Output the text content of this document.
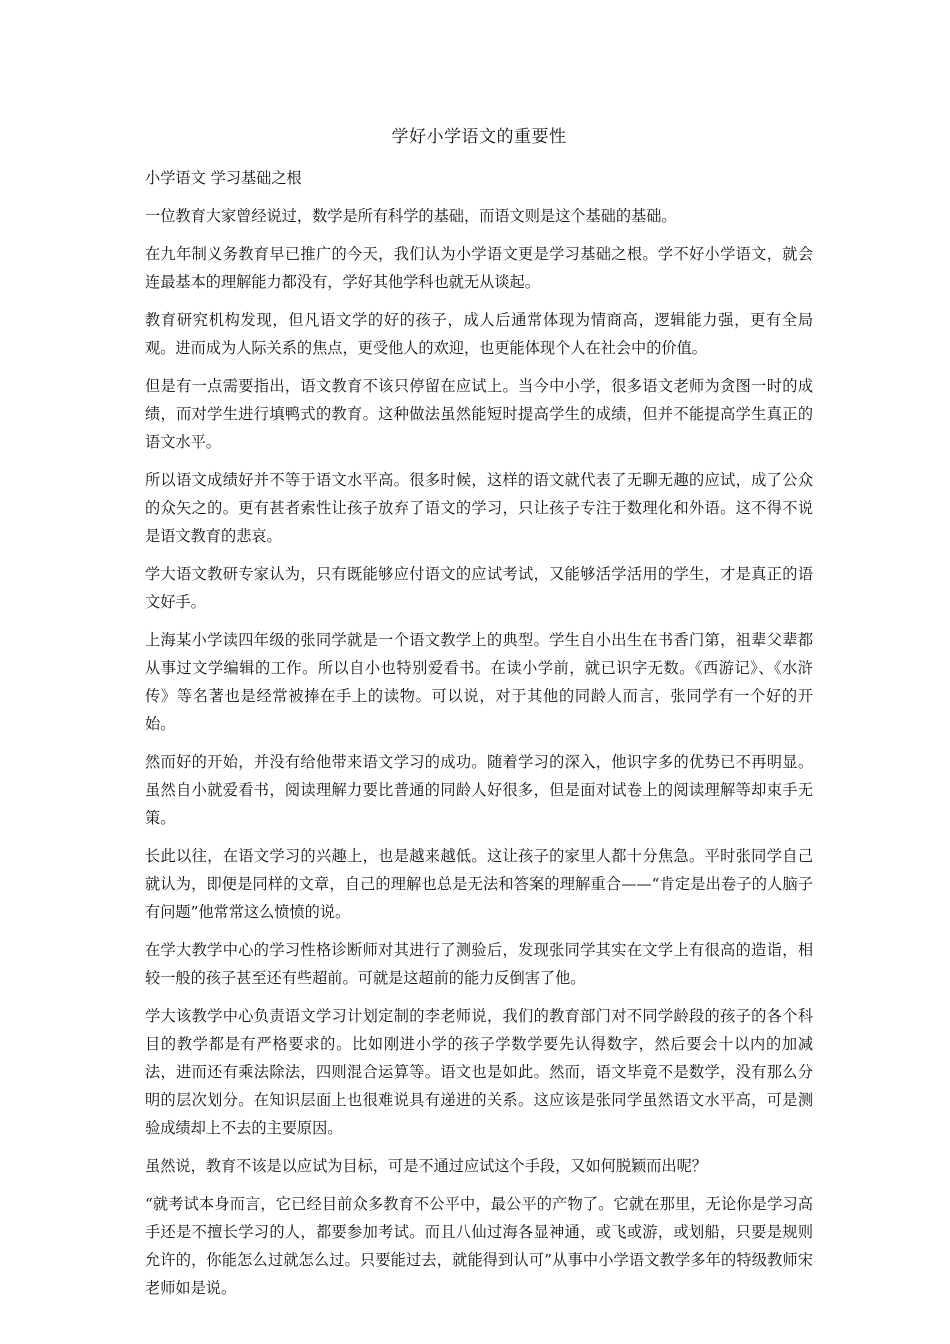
学好小学语文的重要性

小学语文 学习基础之根

一位教育大家曾经说过，数学是所有科学的基础，而语文则是这个基础的基础。

在九年制义务教育早已推广的今天，我们认为小学语文更是学习基础之根。学不好小学语文，就会连最基本的理解能力都没有，学好其他学科也就无从谈起。

教育研究机构发现，但凡语文学的好的孩子，成人后通常体现为情商高，逻辑能力强，更有全局观。进而成为人际关系的焦点，更受他人的欢迎，也更能体现个人在社会中的价值。

但是有一点需要指出，语文教育不该只停留在应试上。当今中小学，很多语文老师为贪图一时的成绩，而对学生进行填鸭式的教育。这种做法虽然能短时提高学生的成绩，但并不能提高学生真正的语文水平。

所以语文成绩好并不等于语文水平高。很多时候，这样的语文就代表了无聊无趣的应试，成了公众的众矢之的。更有甚者索性让孩子放弃了语文的学习，只让孩子专注于数理化和外语。这不得不说是语文教育的悲哀。

学大语文教研专家认为，只有既能够应付语文的应试考试，又能够活学活用的学生，才是真正的语文好手。

上海某小学读四年级的张同学就是一个语文教学上的典型。学生自小出生在书香门第，祖辈父辈都从事过文学编辑的工作。所以自小也特别爱看书。在读小学前，就已识字无数。《西游记》、《水浒传》等名著也是经常被捧在手上的读物。可以说，对于其他的同龄人而言，张同学有一个好的开始。

然而好的开始，并没有给他带来语文学习的成功。随着学习的深入，他识字多的优势已不再明显。虽然自小就爱看书，阅读理解力要比普通的同龄人好很多，但是面对试卷上的阅读理解等却束手无策。

长此以往，在语文学习的兴趣上，也是越来越低。这让孩子的家里人都十分焦急。平时张同学自己就认为，即便是同样的文章，自己的理解也总是无法和答案的理解重合——“肯定是出卷子的人脑子有问题”他常常这么愤愤的说。

在学大教学中心的学习性格诊断师对其进行了测验后，发现张同学其实在文学上有很高的造诣，相较一般的孩子甚至还有些超前。可就是这超前的能力反倒害了他。

学大该教学中心负责语文学习计划定制的李老师说，我们的教育部门对不同学龄段的孩子的各个科目的教学都是有严格要求的。比如刚进小学的孩子学数学要先认得数字，然后要会十以内的加减法，进而还有乘法除法，四则混合运算等。语文也是如此。然而，语文毕竟不是数学，没有那么分明的层次划分。在知识层面上也很难说具有递进的关系。这应该是张同学虽然语文水平高，可是测验成绩却上不去的主要原因。

虽然说，教育不该是以应试为目标，可是不通过应试这个手段，又如何脱颖而出呢？

“就考试本身而言，它已经目前众多教育不公平中，最公平的产物了。它就在那里，无论你是学习高手还是不擅长学习的人，都要参加考试。而且八仙过海各显神通，或飞或游，或划船，只要是规则允许的，你能怎么过就怎么过。只要能过去，就能得到认可”从事中小学语文教学多年的特级教师宋老师如是说。
